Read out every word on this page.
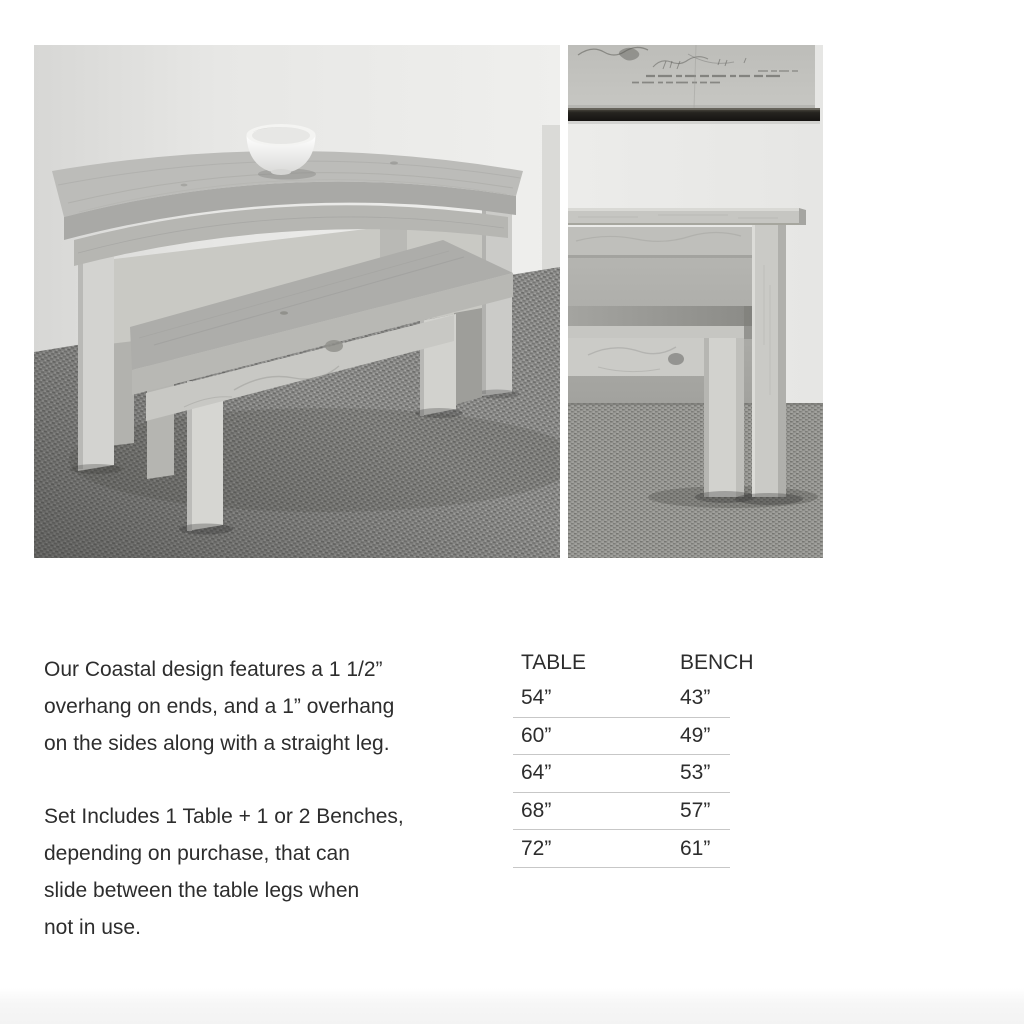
Our Coastal design features a 1 1/2”
overhang on ends, and a 1” overhang
on the sides along with a straight leg.

Set Includes 1 Table + 1 or 2 Benches,
depending on purchase, that can
slide between the table legs when
not in use.

TABLE	BENCH
54”	43”
60”	49”
64”	53”
68”	57”
72”	61”
